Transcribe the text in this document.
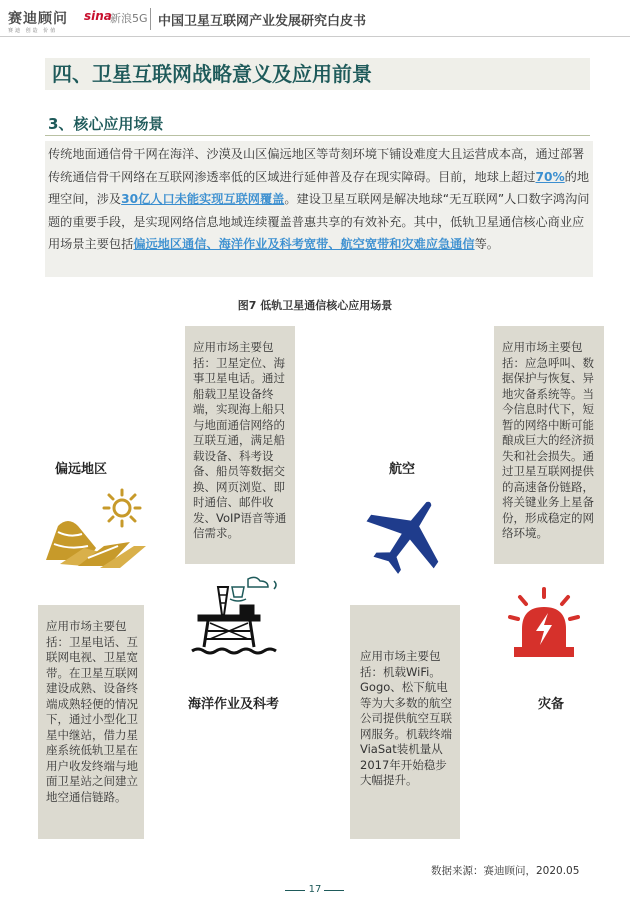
赛迪顾问
赛迪 创造 价值
sina
新浪5G 中国卫星互联网产业发展研究白皮书
四、卫星互联网战略意义及应用前景
3、核心应用场景
传统地面通信骨干网在海洋、沙漠及山区偏远地区等苛刻环境下铺设难度大且运营成本高，通过部署传统通信骨干网络在互联网渗透率低的区域进行延伸普及存在现实障碍。目前，地球上超过70%的地理空间，涉及30亿人口未能实现互联网覆盖。建设卫星互联网是解决地球“无互联网”人口数字鸿沟问题的重要手段，是实现网络信息地域连续覆盖普惠共享的有效补充。其中，低轨卫星通信核心商业应用场景主要包括偏远地区通信、海洋作业及科考宽带、航空宽带和灾难应急通信等。
图7 低轨卫星通信核心应用场景
应用市场主要包括：卫星定位、海事卫星电话。通过船载卫星设备终端，实现海上船只与地面通信网络的互联互通，满足船载设备、科考设备、船员等数据交换、网页浏览、即时通信、邮件收发、VoIP语音等通信需求。
应用市场主要包括：应急呼叫、数据保护与恢复、异地灾备系统等。当今信息时代下，短暂的网络中断可能酿成巨大的经济损失和社会损失。通过卫星互联网提供的高速备份链路，将关键业务上星备份，形成稳定的网络环境。
应用市场主要包括：卫星电话、互联网电视、卫星宽带。在卫星互联网建设成熟、设备终端成熟轻便的情况下，通过小型化卫星中继站，借力星座系统低轨卫星在用户收发终端与地面卫星站之间建立地空通信链路。
应用市场主要包括：机载WiFi。Gogo、松下航电等为大多数的航空公司提供航空互联网服务。机载终端ViaSat装机量从2017年开始稳步大幅提升。
偏远地区	航空
海洋作业及科考	灾备
数据来源：赛迪顾问，2020.05
17
